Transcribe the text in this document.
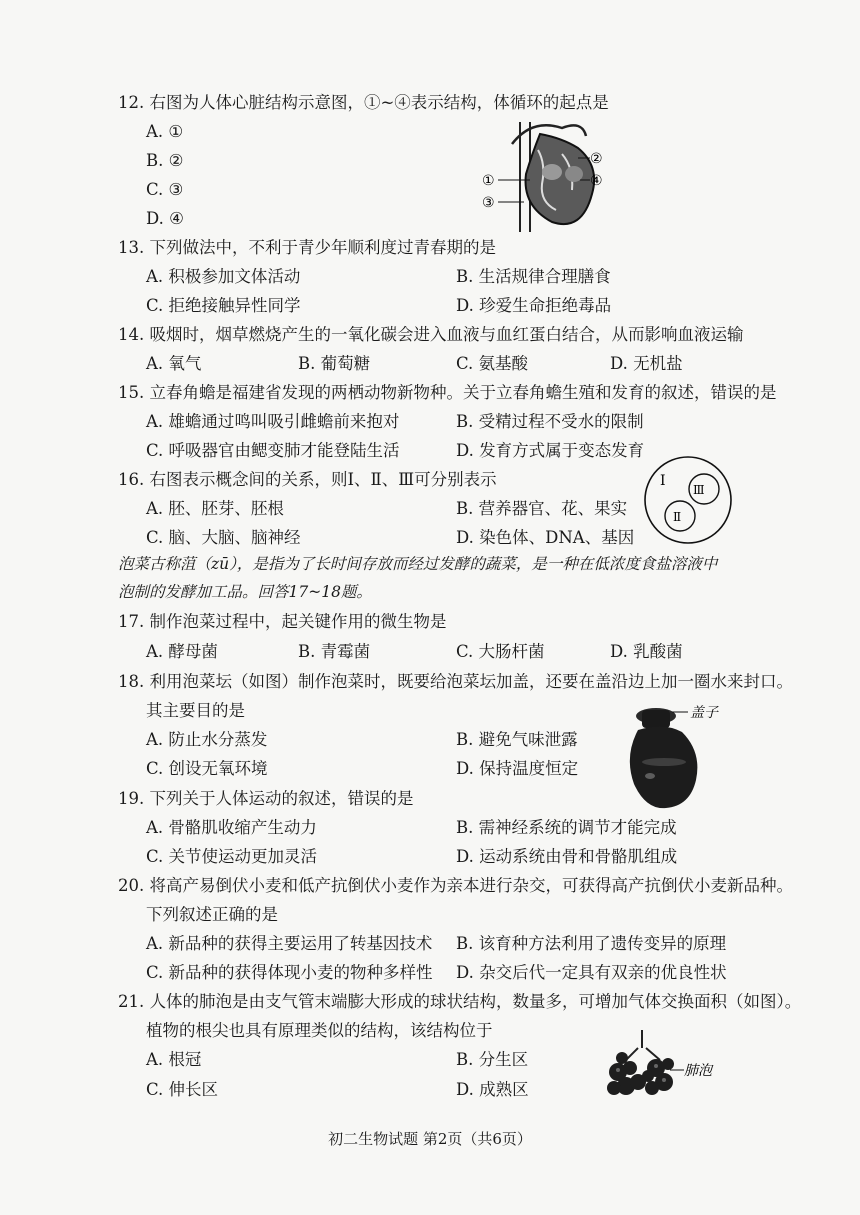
12. 右图为人体心脏结构示意图，①~④表示结构，体循环的起点是
A. ①
B. ②
C. ③
D. ④
①
②
③
④
13. 下列做法中，不利于青少年顺利度过青春期的是
A. 积极参加文体活动	B. 生活规律合理膳食
C. 拒绝接触异性同学	D. 珍爱生命拒绝毒品
14. 吸烟时，烟草燃烧产生的一氧化碳会进入血液与血红蛋白结合，从而影响血液运输
A. 氧气	B. 葡萄糖	C. 氨基酸	D. 无机盐
15. 立春角蟾是福建省发现的两栖动物新物种。关于立春角蟾生殖和发育的叙述，错误的是
A. 雄蟾通过鸣叫吸引雌蟾前来抱对	B. 受精过程不受水的限制
C. 呼吸器官由鳃变肺才能登陆生活	D. 发育方式属于变态发育
16. 右图表示概念间的关系，则Ⅰ、Ⅱ、Ⅲ可分别表示
A. 胚、胚芽、胚根	B. 营养器官、花、果实
C. 脑、大脑、脑神经	D. 染色体、DNA、基因
Ⅰ
Ⅱ
Ⅲ
泡菜古称菹（zū），是指为了长时间存放而经过发酵的蔬菜，是一种在低浓度食盐溶液中
泡制的发酵加工品。回答17~18题。
17. 制作泡菜过程中，起关键作用的微生物是
A. 酵母菌	B. 青霉菌	C. 大肠杆菌	D. 乳酸菌
18. 利用泡菜坛（如图）制作泡菜时，既要给泡菜坛加盖，还要在盖沿边上加一圈水来封口。
其主要目的是
A. 防止水分蒸发	B. 避免气味泄露
C. 创设无氧环境	D. 保持温度恒定
盖子
19. 下列关于人体运动的叙述，错误的是
A. 骨骼肌收缩产生动力	B. 需神经系统的调节才能完成
C. 关节使运动更加灵活	D. 运动系统由骨和骨骼肌组成
20. 将高产易倒伏小麦和低产抗倒伏小麦作为亲本进行杂交，可获得高产抗倒伏小麦新品种。
下列叙述正确的是
A. 新品种的获得主要运用了转基因技术 B. 该育种方法利用了遗传变异的原理
C. 新品种的获得体现小麦的物种多样性 D. 杂交后代一定具有双亲的优良性状
21. 人体的肺泡是由支气管末端膨大形成的球状结构，数量多，可增加气体交换面积（如图）。
植物的根尖也具有原理类似的结构，该结构位于
A. 根冠	B. 分生区
C. 伸长区	D. 成熟区
肺泡
初二生物试题 第2页（共6页）
